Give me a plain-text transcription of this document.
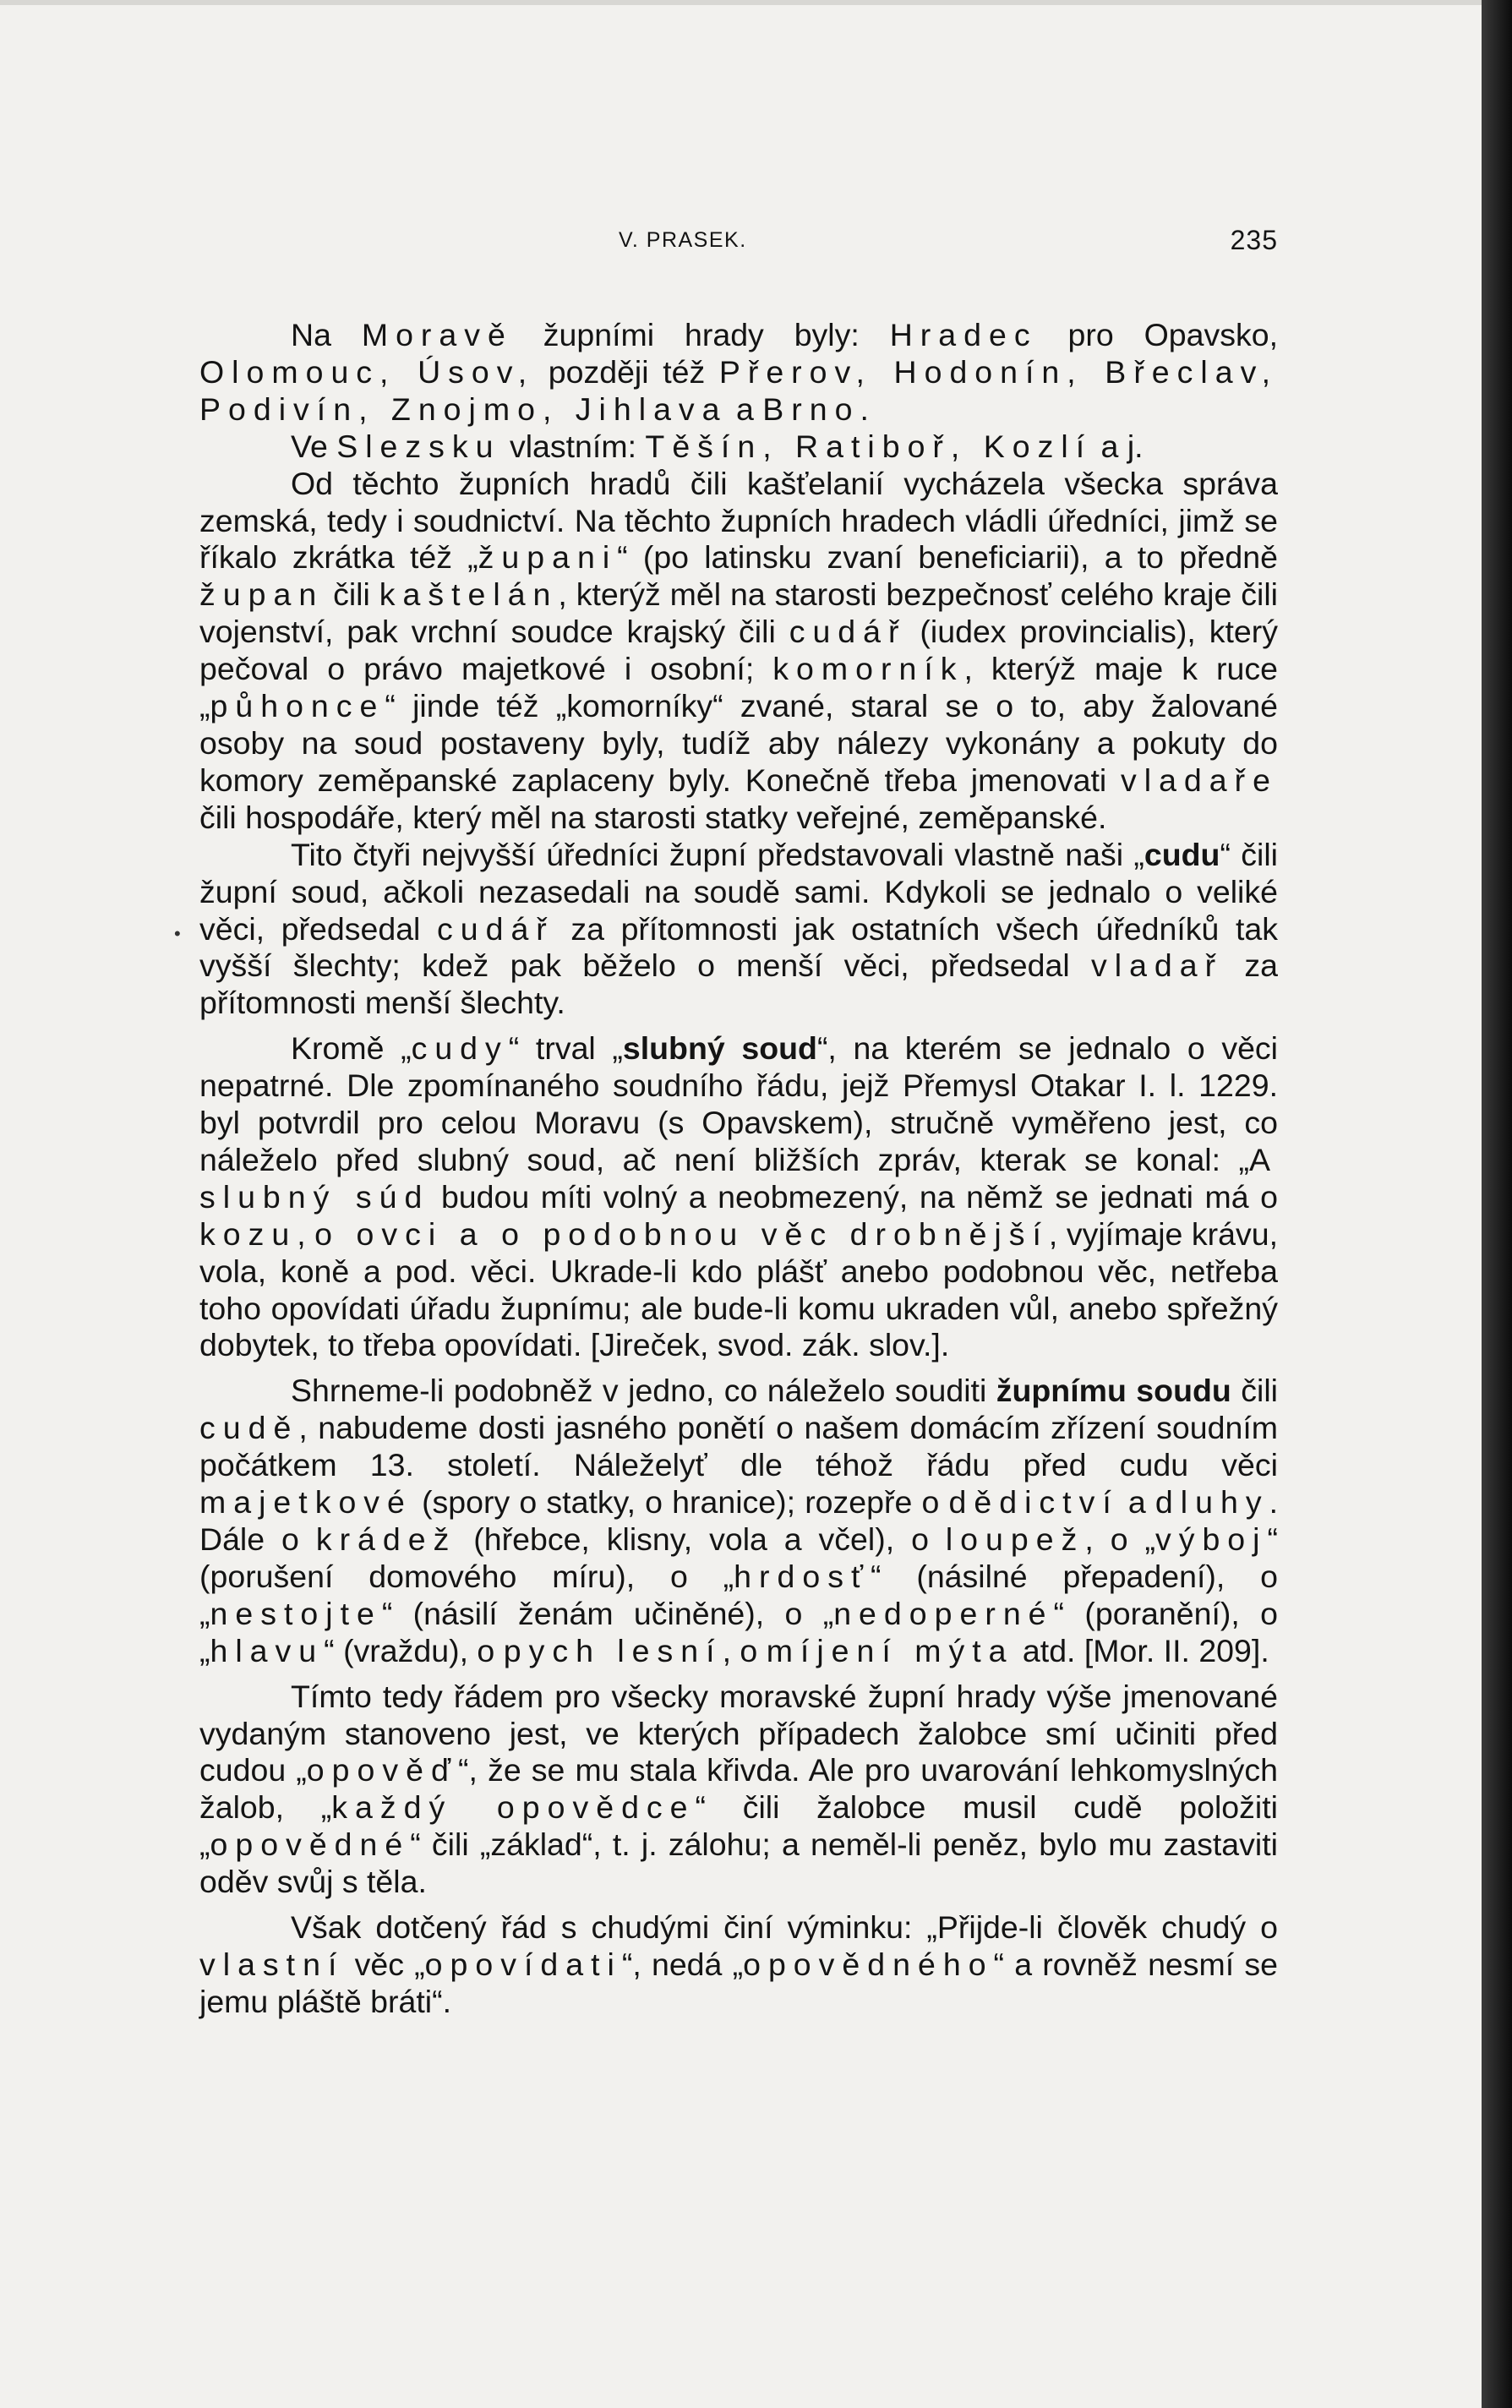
V. PRASEK.	235
•

Na Moravě župními hrady byly: Hradec pro Opavsko, Olomouc, Úsov, později též Přerov, Hodonín, Břeclav, Podivín, Znojmo, Jihlava a Brno.

Ve Slezsku vlastním: Těšín, Ratiboř, Kozlí a j.

Od těchto župních hradů čili kašťelanií vycházela všecka správa zemská, tedy i soudnictví. Na těchto župních hradech vládli úředníci, jimž se říkalo zkrátka též „župani“ (po latinsku zvaní beneficiarii), a to předně župan čili kaštelán, kterýž měl na starosti bezpečnosť celého kraje čili vojenství, pak vrchní soudce krajský čili cudář (iudex provincialis), který pečoval o právo majetkové i osobní; komorník, kterýž maje k ruce „půhonce“ jinde též „komorníky“ zvané, staral se o to, aby žalované osoby na soud postaveny byly, tudíž aby nálezy vykonány a pokuty do komory zeměpanské zaplaceny byly. Konečně třeba jmenovati vladaře čili hospodáře, který měl na starosti statky veřejné, zeměpanské.

Tito čtyři nejvyšší úředníci župní představovali vlastně naši „cudu“ čili župní soud, ačkoli nezasedali na soudě sami. Kdykoli se jednalo o veliké věci, předsedal cudář za přítomnosti jak ostatních všech úředníků tak vyšší šlechty; kdež pak běželo o menší věci, předsedal vladař za přítomnosti menší šlechty.

Kromě „cudy“ trval „slubný soud“, na kterém se jednalo o věci nepatrné. Dle zpomínaného soudního řádu, jejž Přemysl Otakar I. l. 1229. byl potvrdil pro celou Moravu (s Opavskem), stručně vyměřeno jest, co náleželo před slubný soud, ač není bližších zpráv, kterak se konal: „A slubný súd budou míti volný a neobmezený, na němž se jednati má o kozu, o ovci a o podobnou věc drobnější, vyjímaje krávu, vola, koně a pod. věci. Ukrade-li kdo plášť anebo podobnou věc, netřeba toho opovídati úřadu župnímu; ale bude-li komu ukraden vůl, anebo spřežný dobytek, to třeba opovídati. [Jireček, svod. zák. slov.].

Shrneme-li podobněž v jedno, co náleželo souditi župnímu soudu čili cudě, nabudeme dosti jasného ponětí o našem domácím zřízení soudním počátkem 13. století. Náleželyť dle téhož řádu před cudu věci majetkové (spory o statky, o hranice); rozepře o dědictví a dluhy. Dále o krádež (hřebce, klisny, vola a včel), o loupež, o „výboj“ (porušení domového míru), o „hrdosť“ (násilné přepadení), o „nestojte“ (násilí ženám učiněné), o „nedoperné“ (poranění), o „hlavu“ (vraždu), o pych lesní, o míjení mýta atd. [Mor. II. 209].

Tímto tedy řádem pro všecky moravské župní hrady výše jmenované vydaným stanoveno jest, ve kterých případech žalobce smí učiniti před cudou „opověď“, že se mu stala křivda. Ale pro uvarování lehkomyslných žalob, „každý opovědce“ čili žalobce musil cudě položiti „opovědné“ čili „základ“, t. j. zálohu; a neměl-li peněz, bylo mu zastaviti oděv svůj s těla.

Však dotčený řád s chudými činí výminku: „Přijde-li člověk chudý o vlastní věc „opovídati“, nedá „opovědného“ a rovněž nesmí se jemu pláště bráti“.
